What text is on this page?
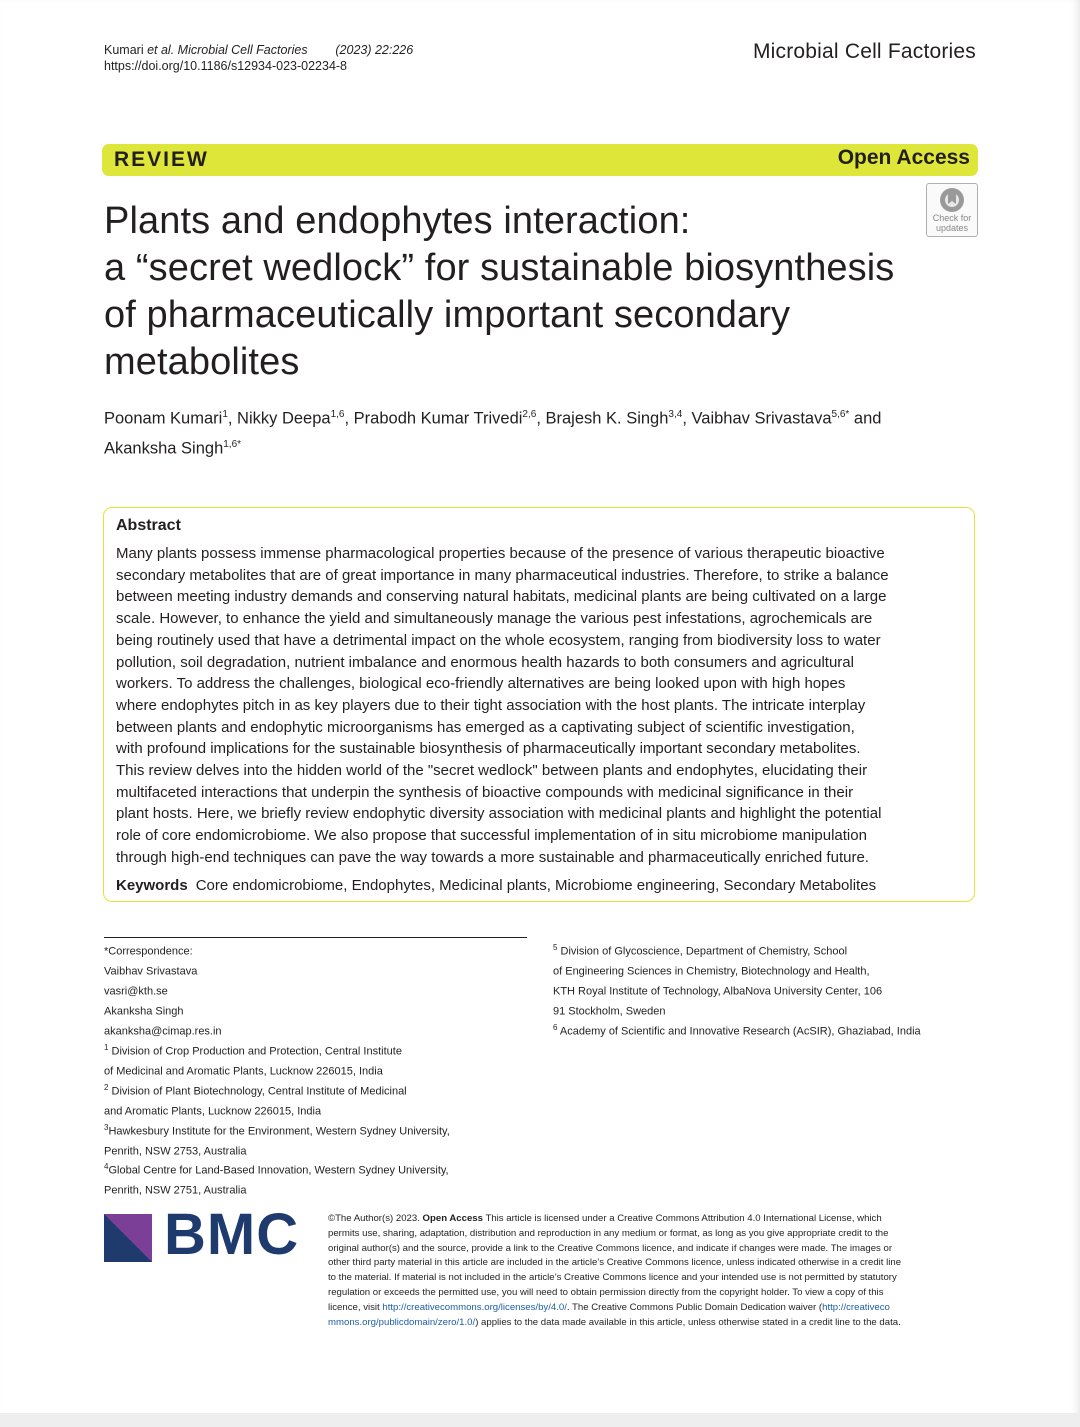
Kumari et al. Microbial Cell Factories (2023) 22:226
https://doi.org/10.1186/s12934-023-02234-8
Microbial Cell Factories
REVIEW	Open Access
Check for
updates
Plants and endophytes interaction:
a “secret wedlock” for sustainable biosynthesis
of pharmaceutically important secondary
metabolites
Poonam Kumari$^1$, Nikky Deepa$^{1,6}$, Prabodh Kumar Trivedi$^{2,6}$, Brajesh K. Singh$^{3,4}$, Vaibhav Srivastava$^{5,6*}$ and
Akanksha Singh$^{1,6*}$
Abstract
Many plants possess immense pharmacological properties because of the presence of various therapeutic bioactive
secondary metabolites that are of great importance in many pharmaceutical industries. Therefore, to strike a balance
between meeting industry demands and conserving natural habitats, medicinal plants are being cultivated on a large
scale. However, to enhance the yield and simultaneously manage the various pest infestations, agrochemicals are
being routinely used that have a detrimental impact on the whole ecosystem, ranging from biodiversity loss to water
pollution, soil degradation, nutrient imbalance and enormous health hazards to both consumers and agricultural
workers. To address the challenges, biological eco-friendly alternatives are being looked upon with high hopes
where endophytes pitch in as key players due to their tight association with the host plants. The intricate interplay
between plants and endophytic microorganisms has emerged as a captivating subject of scientific investigation,
with profound implications for the sustainable biosynthesis of pharmaceutically important secondary metabolites.
This review delves into the hidden world of the "secret wedlock" between plants and endophytes, elucidating their
multifaceted interactions that underpin the synthesis of bioactive compounds with medicinal significance in their
plant hosts. Here, we briefly review endophytic diversity association with medicinal plants and highlight the potential
role of core endomicrobiome. We also propose that successful implementation of in situ microbiome manipulation
through high-end techniques can pave the way towards a more sustainable and pharmaceutically enriched future.
Keywords Core endomicrobiome, Endophytes, Medicinal plants, Microbiome engineering, Secondary Metabolites
*Correspondence:
Vaibhav Srivastava
vasri@kth.se
Akanksha Singh
akanksha@cimap.res.in
$^1$ Division of Crop Production and Protection, Central Institute
of Medicinal and Aromatic Plants, Lucknow 226015, India
$^2$ Division of Plant Biotechnology, Central Institute of Medicinal
and Aromatic Plants, Lucknow 226015, India
$^3$Hawkesbury Institute for the Environment, Western Sydney University,
Penrith, NSW 2753, Australia
$^4$Global Centre for Land-Based Innovation, Western Sydney University,
Penrith, NSW 2751, Australia
$^5$ Division of Glycoscience, Department of Chemistry, School
of Engineering Sciences in Chemistry, Biotechnology and Health,
KTH Royal Institute of Technology, AlbaNova University Center, 106
91 Stockholm, Sweden
$^6$ Academy of Scientific and Innovative Research (AcSIR), Ghaziabad, India
BMC	©The Author(s) 2023. Open Access This article is licensed under a Creative Commons Attribution 4.0 International License, which
permits use, sharing, adaptation, distribution and reproduction in any medium or format, as long as you give appropriate credit to the
original author(s) and the source, provide a link to the Creative Commons licence, and indicate if changes were made. The images or
other third party material in this article are included in the article’s Creative Commons licence, unless indicated otherwise in a credit line
to the material. If material is not included in the article’s Creative Commons licence and your intended use is not permitted by statutory
regulation or exceeds the permitted use, you will need to obtain permission directly from the copyright holder. To view a copy of this
licence, visit http://creativecommons.org/licenses/by/4.0/. The Creative Commons Public Domain Dedication waiver (http://creativeco
mmons.org/publicdomain/zero/1.0/) applies to the data made available in this article, unless otherwise stated in a credit line to the data.
